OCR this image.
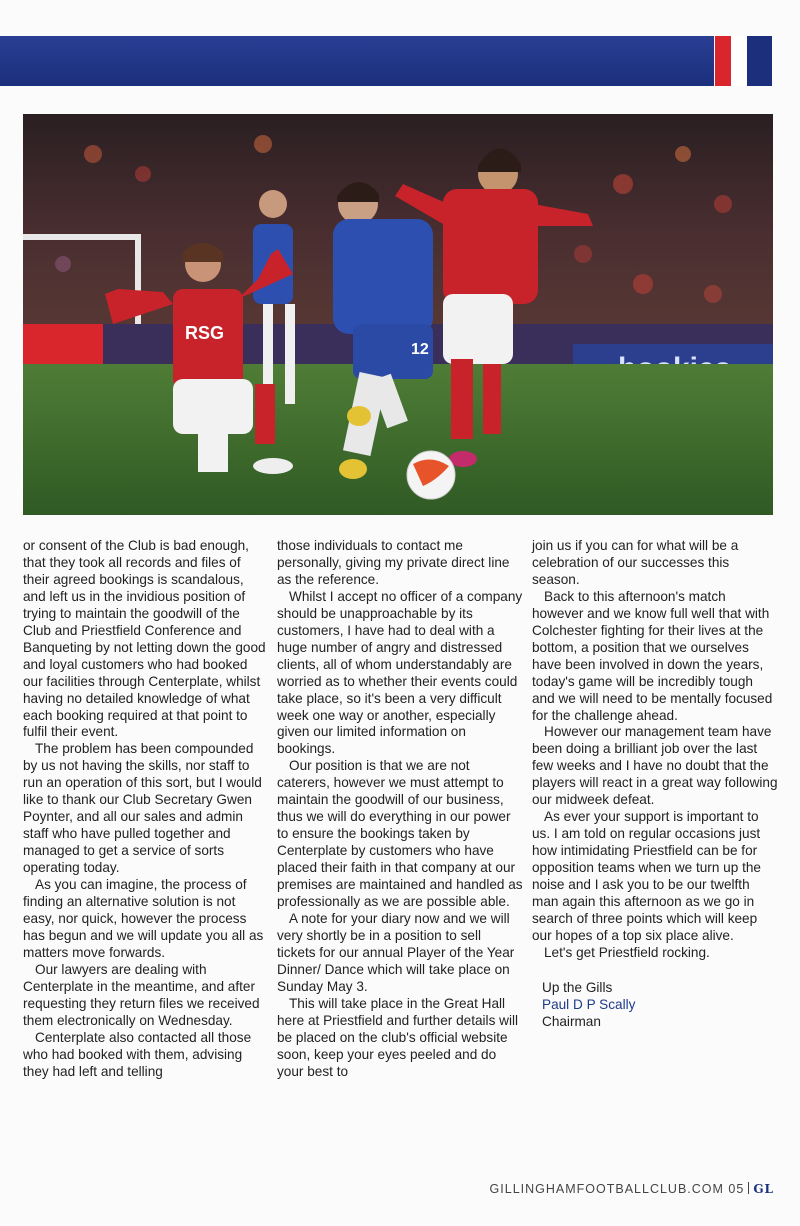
RSG
12

or consent of the Club is bad enough, that they took all records and files of their agreed bookings is scandalous, and left us in the invidious position of trying to maintain the goodwill of the Club and Priestfield Conference and Banqueting by not letting down the good and loyal customers who had booked our facilities through Centerplate, whilst having no detailed knowledge of what each booking required at that point to fulfil their event.

The problem has been compounded by us not having the skills, nor staff to run an operation of this sort, but I would like to thank our Club Secretary Gwen Poynter, and all our sales and admin staff who have pulled together and managed to get a service of sorts operating today.

As you can imagine, the process of finding an alternative solution is not easy, nor quick, however the process has begun and we will update you all as matters move forwards.

Our lawyers are dealing with Centerplate in the meantime, and after requesting they return files we received them electronically on Wednesday.

Centerplate also contacted all those who had booked with them, advising they had left and telling

those individuals to contact me personally, giving my private direct line as the reference.

Whilst I accept no officer of a company should be unapproachable by its customers, I have had to deal with a huge number of angry and distressed clients, all of whom understandably are worried as to whether their events could take place, so it's been a very difficult week one way or another, especially given our limited information on bookings.

Our position is that we are not caterers, however we must attempt to maintain the goodwill of our business, thus we will do everything in our power to ensure the bookings taken by Centerplate by customers who have placed their faith in that company at our premises are maintained and handled as professionally as we are possible able.

A note for your diary now and we will very shortly be in a position to sell tickets for our annual Player of the Year Dinner/ Dance which will take place on Sunday May 3.

This will take place in the Great Hall here at Priestfield and further details will be placed on the club's official website soon, keep your eyes peeled and do your best to

join us if you can for what will be a celebration of our successes this season.

Back to this afternoon's match however and we know full well that with Colchester fighting for their lives at the bottom, a position that we ourselves have been involved in down the years, today's game will be incredibly tough and we will need to be mentally focused for the challenge ahead.

However our management team have been doing a brilliant job over the last few weeks and I have no doubt that the players will react in a great way following our midweek defeat.

As ever your support is important to us. I am told on regular occasions just how intimidating Priestfield can be for opposition teams when we turn up the noise and I ask you to be our twelfth man again this afternoon as we go in search of three points which will keep our hopes of a top six place alive.

Let's get Priestfield rocking.

Up the Gills
Paul D P Scally
Chairman
GILLINGHAMFOOTBALLCLUB.COM 05 GL
